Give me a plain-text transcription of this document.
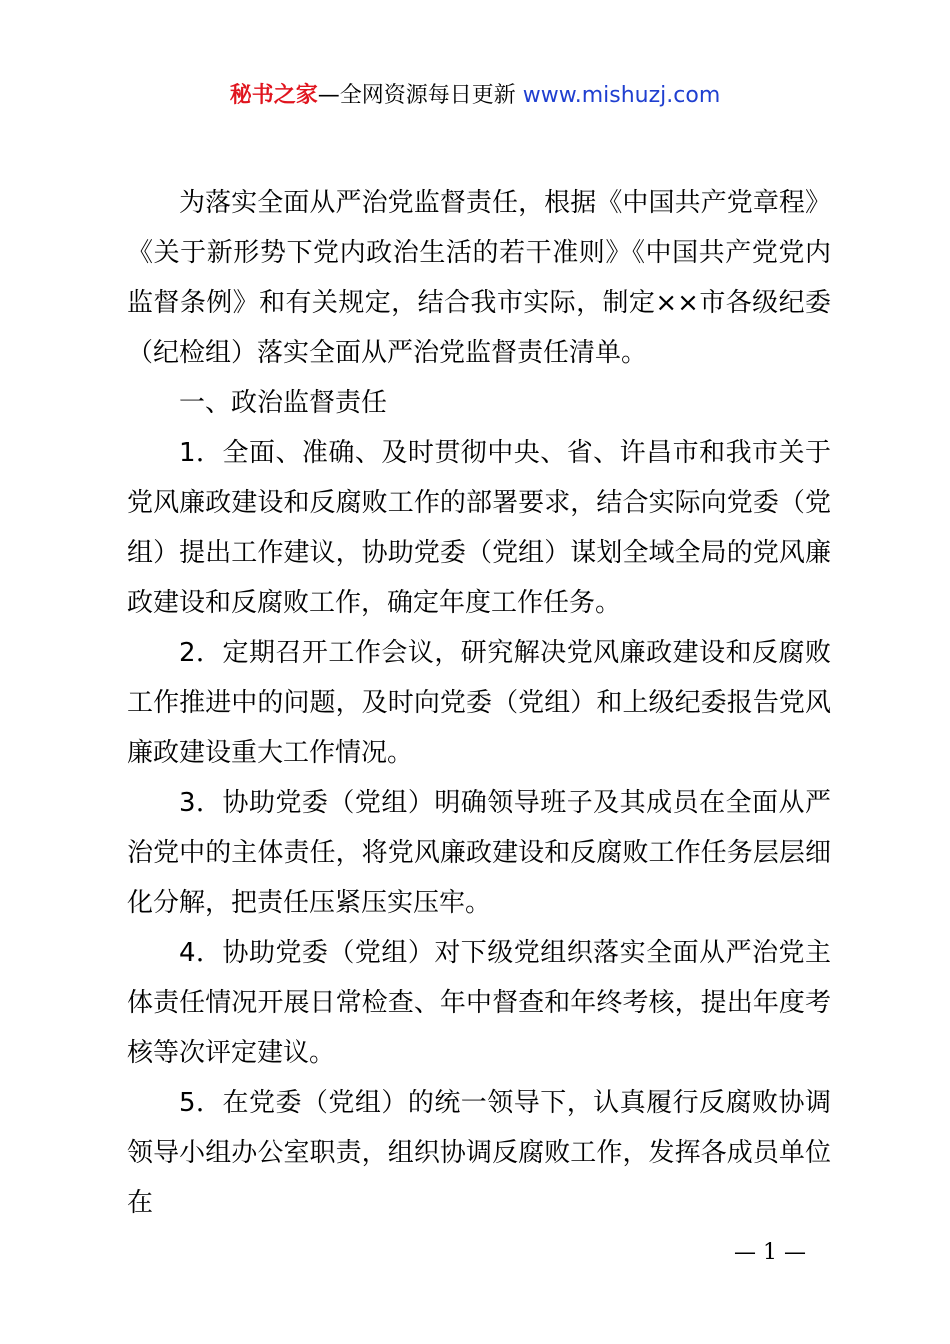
秘书之家—全网资源每日更新 www.mishuzj.com

为落实全面从严治党监督责任，根据《中国共产党章程》《关于新形势下党内政治生活的若干准则》《中国共产党党内监督条例》和有关规定，结合我市实际，制定××市各级纪委（纪检组）落实全面从严治党监督责任清单。

一、政治监督责任

1．全面、准确、及时贯彻中央、省、许昌市和我市关于党风廉政建设和反腐败工作的部署要求，结合实际向党委（党组）提出工作建议，协助党委（党组）谋划全域全局的党风廉政建设和反腐败工作，确定年度工作任务。

2．定期召开工作会议，研究解决党风廉政建设和反腐败工作推进中的问题，及时向党委（党组）和上级纪委报告党风廉政建设重大工作情况。

3．协助党委（党组）明确领导班子及其成员在全面从严治党中的主体责任，将党风廉政建设和反腐败工作任务层层细化分解，把责任压紧压实压牢。

4．协助党委（党组）对下级党组织落实全面从严治党主体责任情况开展日常检查、年中督查和年终考核，提出年度考核等次评定建议。

5．在党委（党组）的统一领导下，认真履行反腐败协调领导小组办公室职责，组织协调反腐败工作，发挥各成员单位在

— 1 —
